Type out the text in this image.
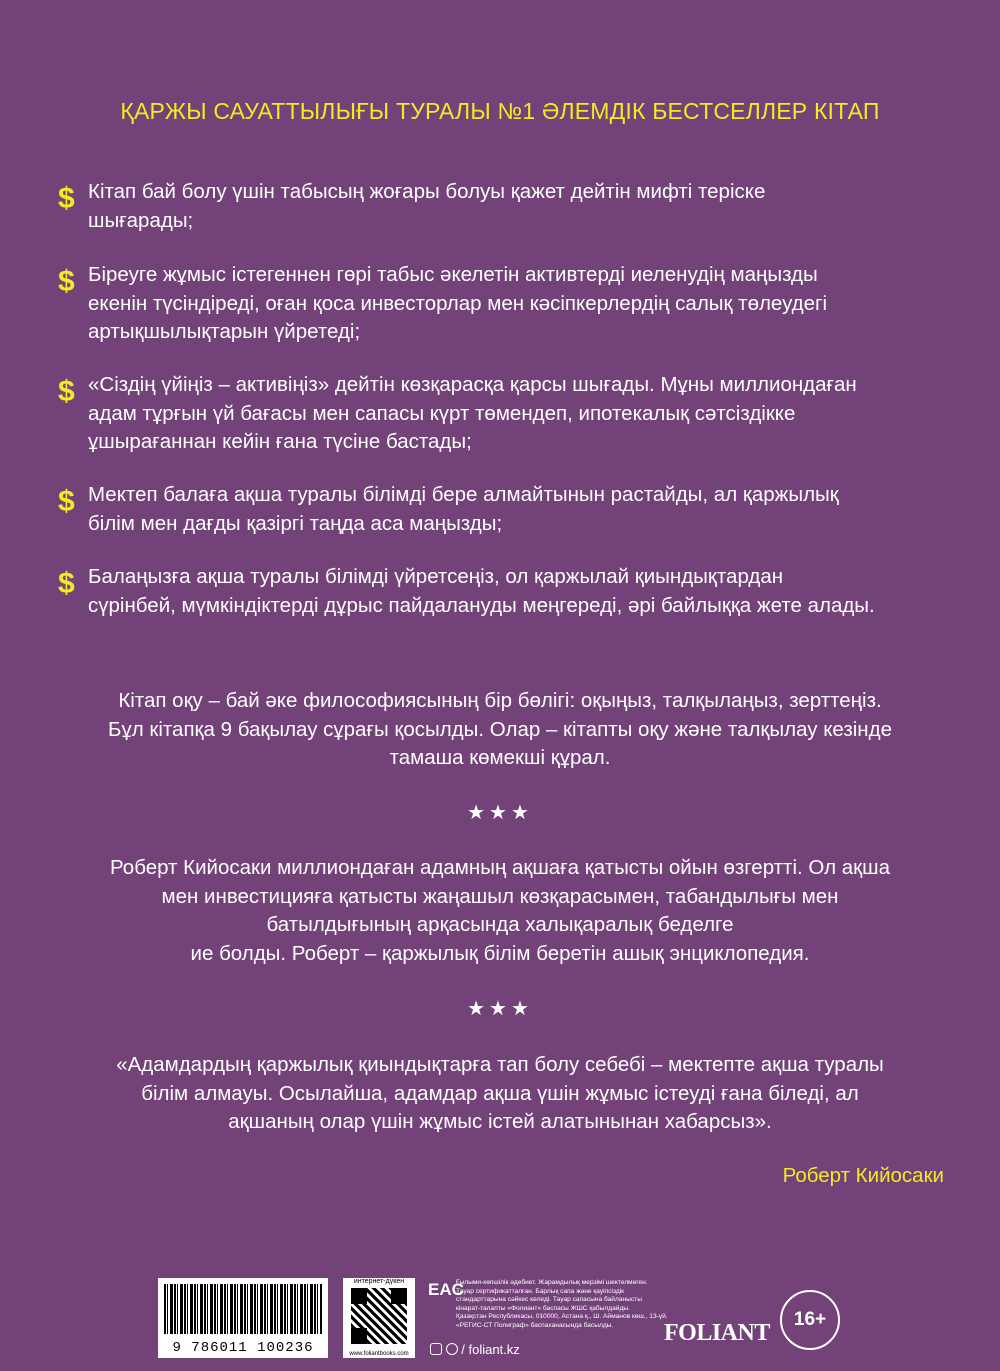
ҚАРЖЫ САУАТТЫЛЫҒЫ ТУРАЛЫ №1 ӘЛЕМДІК БЕСТСЕЛЛЕР КІТАП
$ Кітап бай болу үшін табысың жоғары болуы қажет дейтін мифті теріске
шығарады;
$ Біреуге жұмыс істегеннен гөрі табыс әкелетін активтерді иеленудің маңызды
екенін түсіндіреді, оған қоса инвесторлар мен кәсіпкерлердің салық төлеудегі
артықшылықтарын үйретеді;
$ «Сіздің үйіңіз – активіңіз» дейтін көзқарасқа қарсы шығады. Мұны миллиондаған
адам тұрғын үй бағасы мен сапасы күрт төмендеп, ипотекалық сәтсіздікке
ұшырағаннан кейін ғана түсіне бастады;
$ Мектеп балаға ақша туралы білімді бере алмайтынын растайды, ал қаржылық
білім мен дағды қазіргі таңда аса маңызды;
$ Балаңызға ақша туралы білімді үйретсеңіз, ол қаржылай қиындықтардан
сүрінбей, мүмкіндіктерді дұрыс пайдалануды меңгереді, әрі байлыққа жете алады.
Кітап оқу – бай әке философиясының бір бөлігі: оқыңыз, талқылаңыз, зерттеңіз.
Бұл кітапқа 9 бақылау сұрағы қосылды. Олар – кітапты оқу және талқылау кезінде
тамаша көмекші құрал.
★★★
Роберт Кийосаки миллиондаған адамның ақшаға қатысты ойын өзгертті. Ол ақша
мен инвестицияға қатысты жаңашыл көзқарасымен, табандылығы мен
батылдығының арқасында халықаралық беделге
ие болды. Роберт – қаржылық білім беретін ашық энциклопедия.
★★★
«Адамдардың қаржылық қиындықтарға тап болу себебі – мектепте ақша туралы
білім алмауы. Осылайша, адамдар ақша үшін жұмыс істеуді ғана біледі, ал
ақшаның олар үшін жұмыс істей алатынынан хабарсыз».
Роберт Кийосаки
9 786011 100236
интернет-дүкен
www.foliantbooks.com
EAC
Ғылыми-көпшілік әдебиет. Жарамдылық мерзімі шектелмеген.
Тауар сертификатталған. Барлық сапа және қауіпсіздік
стандарттарына сәйкес келеді. Тауар сапасына байланысты
кінарат-талапты «Фолиант» баспасы ЖШС қабылдайды.
Қазақстан Республикасы, 010000, Астана қ., Ш. Айманов көш., 13-үй.
«РЕГИС-СТ Полиграф» баспаханасында басылды.
/ foliant.kz
FOLIANT
16+
